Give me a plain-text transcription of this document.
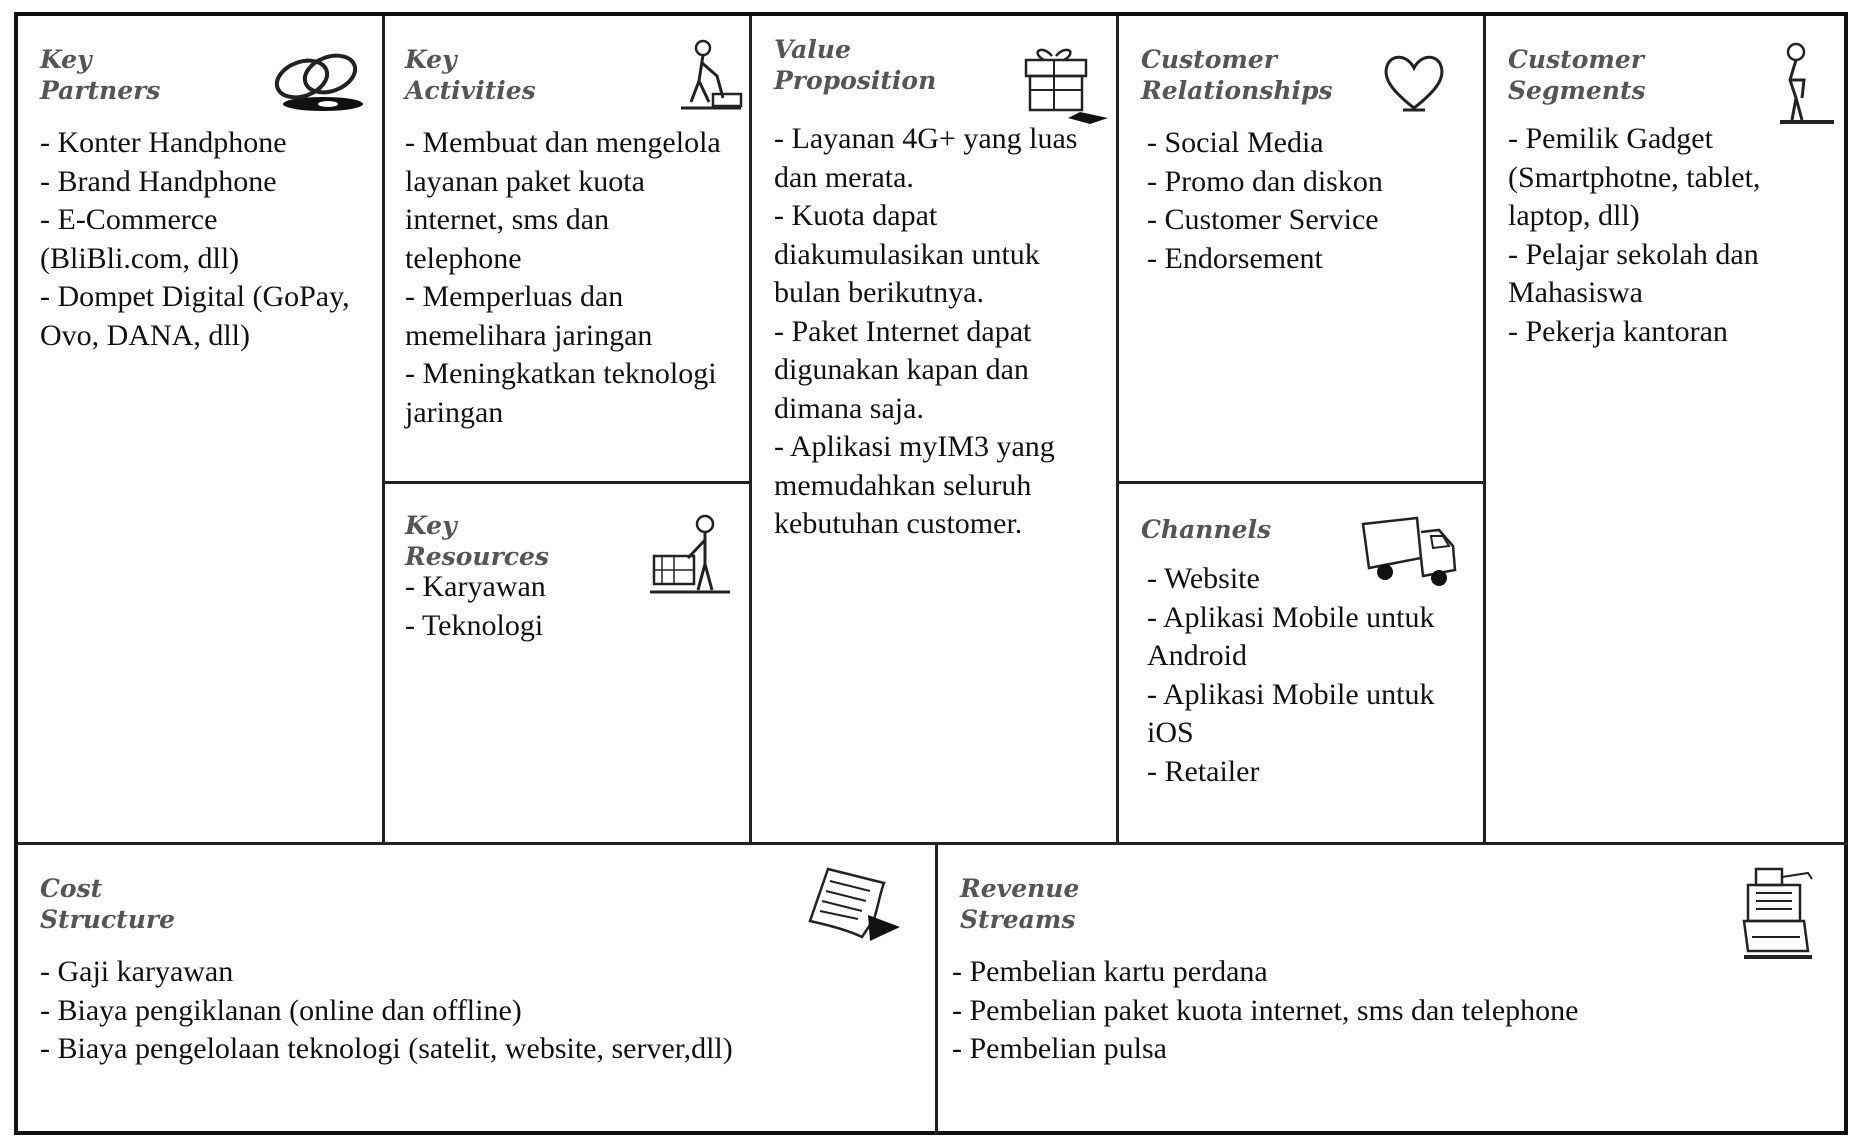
Key
Partners
- Konter Handphone
- Brand Handphone
- E-Commerce (BliBli.com, dll)
- Dompet Digital (GoPay, Ovo, DANA, dll)
Key
Activities
- Membuat dan mengelola layanan paket kuota internet, sms dan telephone
- Memperluas dan memelihara jaringan
- Meningkatkan teknologi jaringan
Key
Resources
- Karyawan
- Teknologi
Value
Proposition
- Layanan 4G+ yang luas dan merata.
- Kuota dapat diakumulasikan untuk bulan berikutnya.
- Paket Internet dapat digunakan kapan dan dimana saja.
- Aplikasi myIM3 yang memudahkan seluruh kebutuhan customer.
Customer
Relationships
- Social Media
- Promo dan diskon
- Customer Service
- Endorsement
Channels
- Website
- Aplikasi Mobile untuk Android
- Aplikasi Mobile untuk iOS
- Retailer
Customer
Segments
- Pemilik Gadget (Smartphotne, tablet, laptop, dll)
- Pelajar sekolah dan Mahasiswa
- Pekerja kantoran
Cost
Structure
- Gaji karyawan
- Biaya pengiklanan (online dan offline)
- Biaya pengelolaan teknologi (satelit, website, server,dll)
Revenue
Streams
- Pembelian kartu perdana
- Pembelian paket kuota internet, sms dan telephone
- Pembelian pulsa
